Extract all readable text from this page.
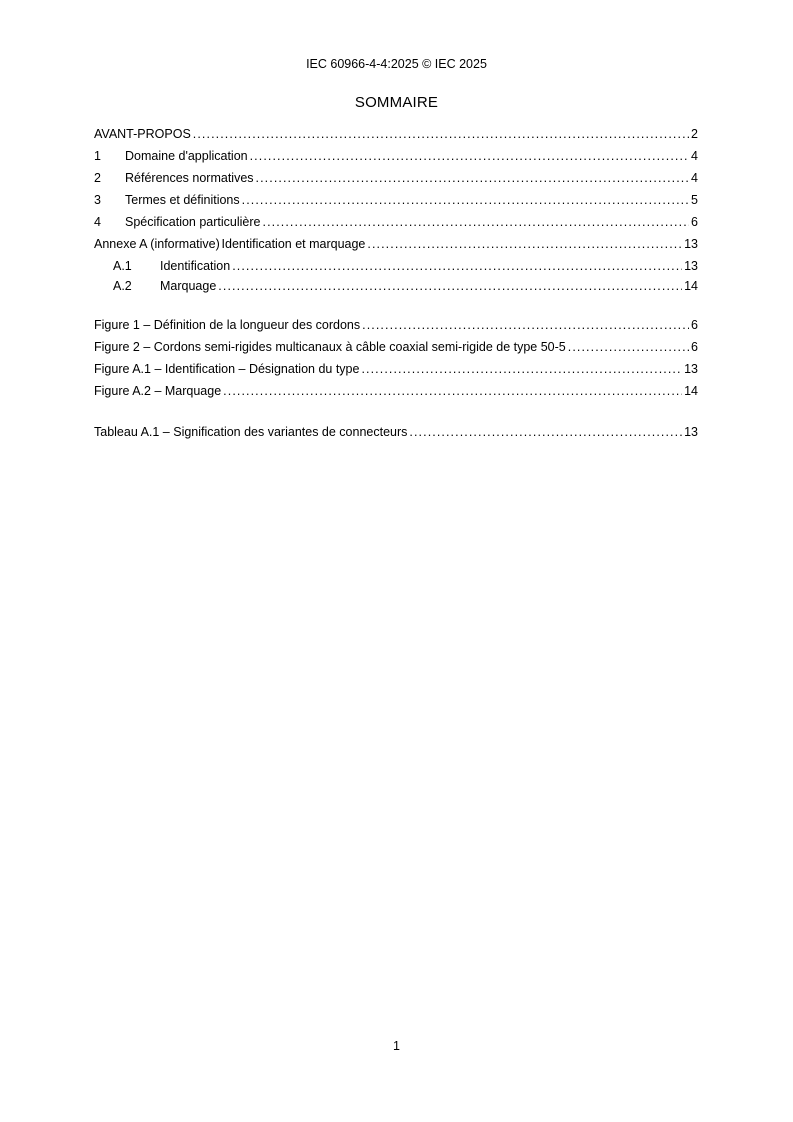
IEC 60966-4-4:2025 © IEC 2025
SOMMAIRE
AVANT-PROPOS .....	2
1	Domaine d'application .....	4
2	Références normatives .....	4
3	Termes et définitions .....	5
4	Spécification particulière .....	6
Annexe A (informative) Identification et marquage .....	13
A.1	Identification .....	13
A.2	Marquage .....	14
Figure 1 – Définition de la longueur des cordons .....	6
Figure 2 – Cordons semi-rigides multicanaux à câble coaxial semi-rigide de type 50-5 .....	6
Figure A.1 – Identification – Désignation du type .....	13
Figure A.2 – Marquage .....	14
Tableau A.1 – Signification des variantes de connecteurs .....	13
1
